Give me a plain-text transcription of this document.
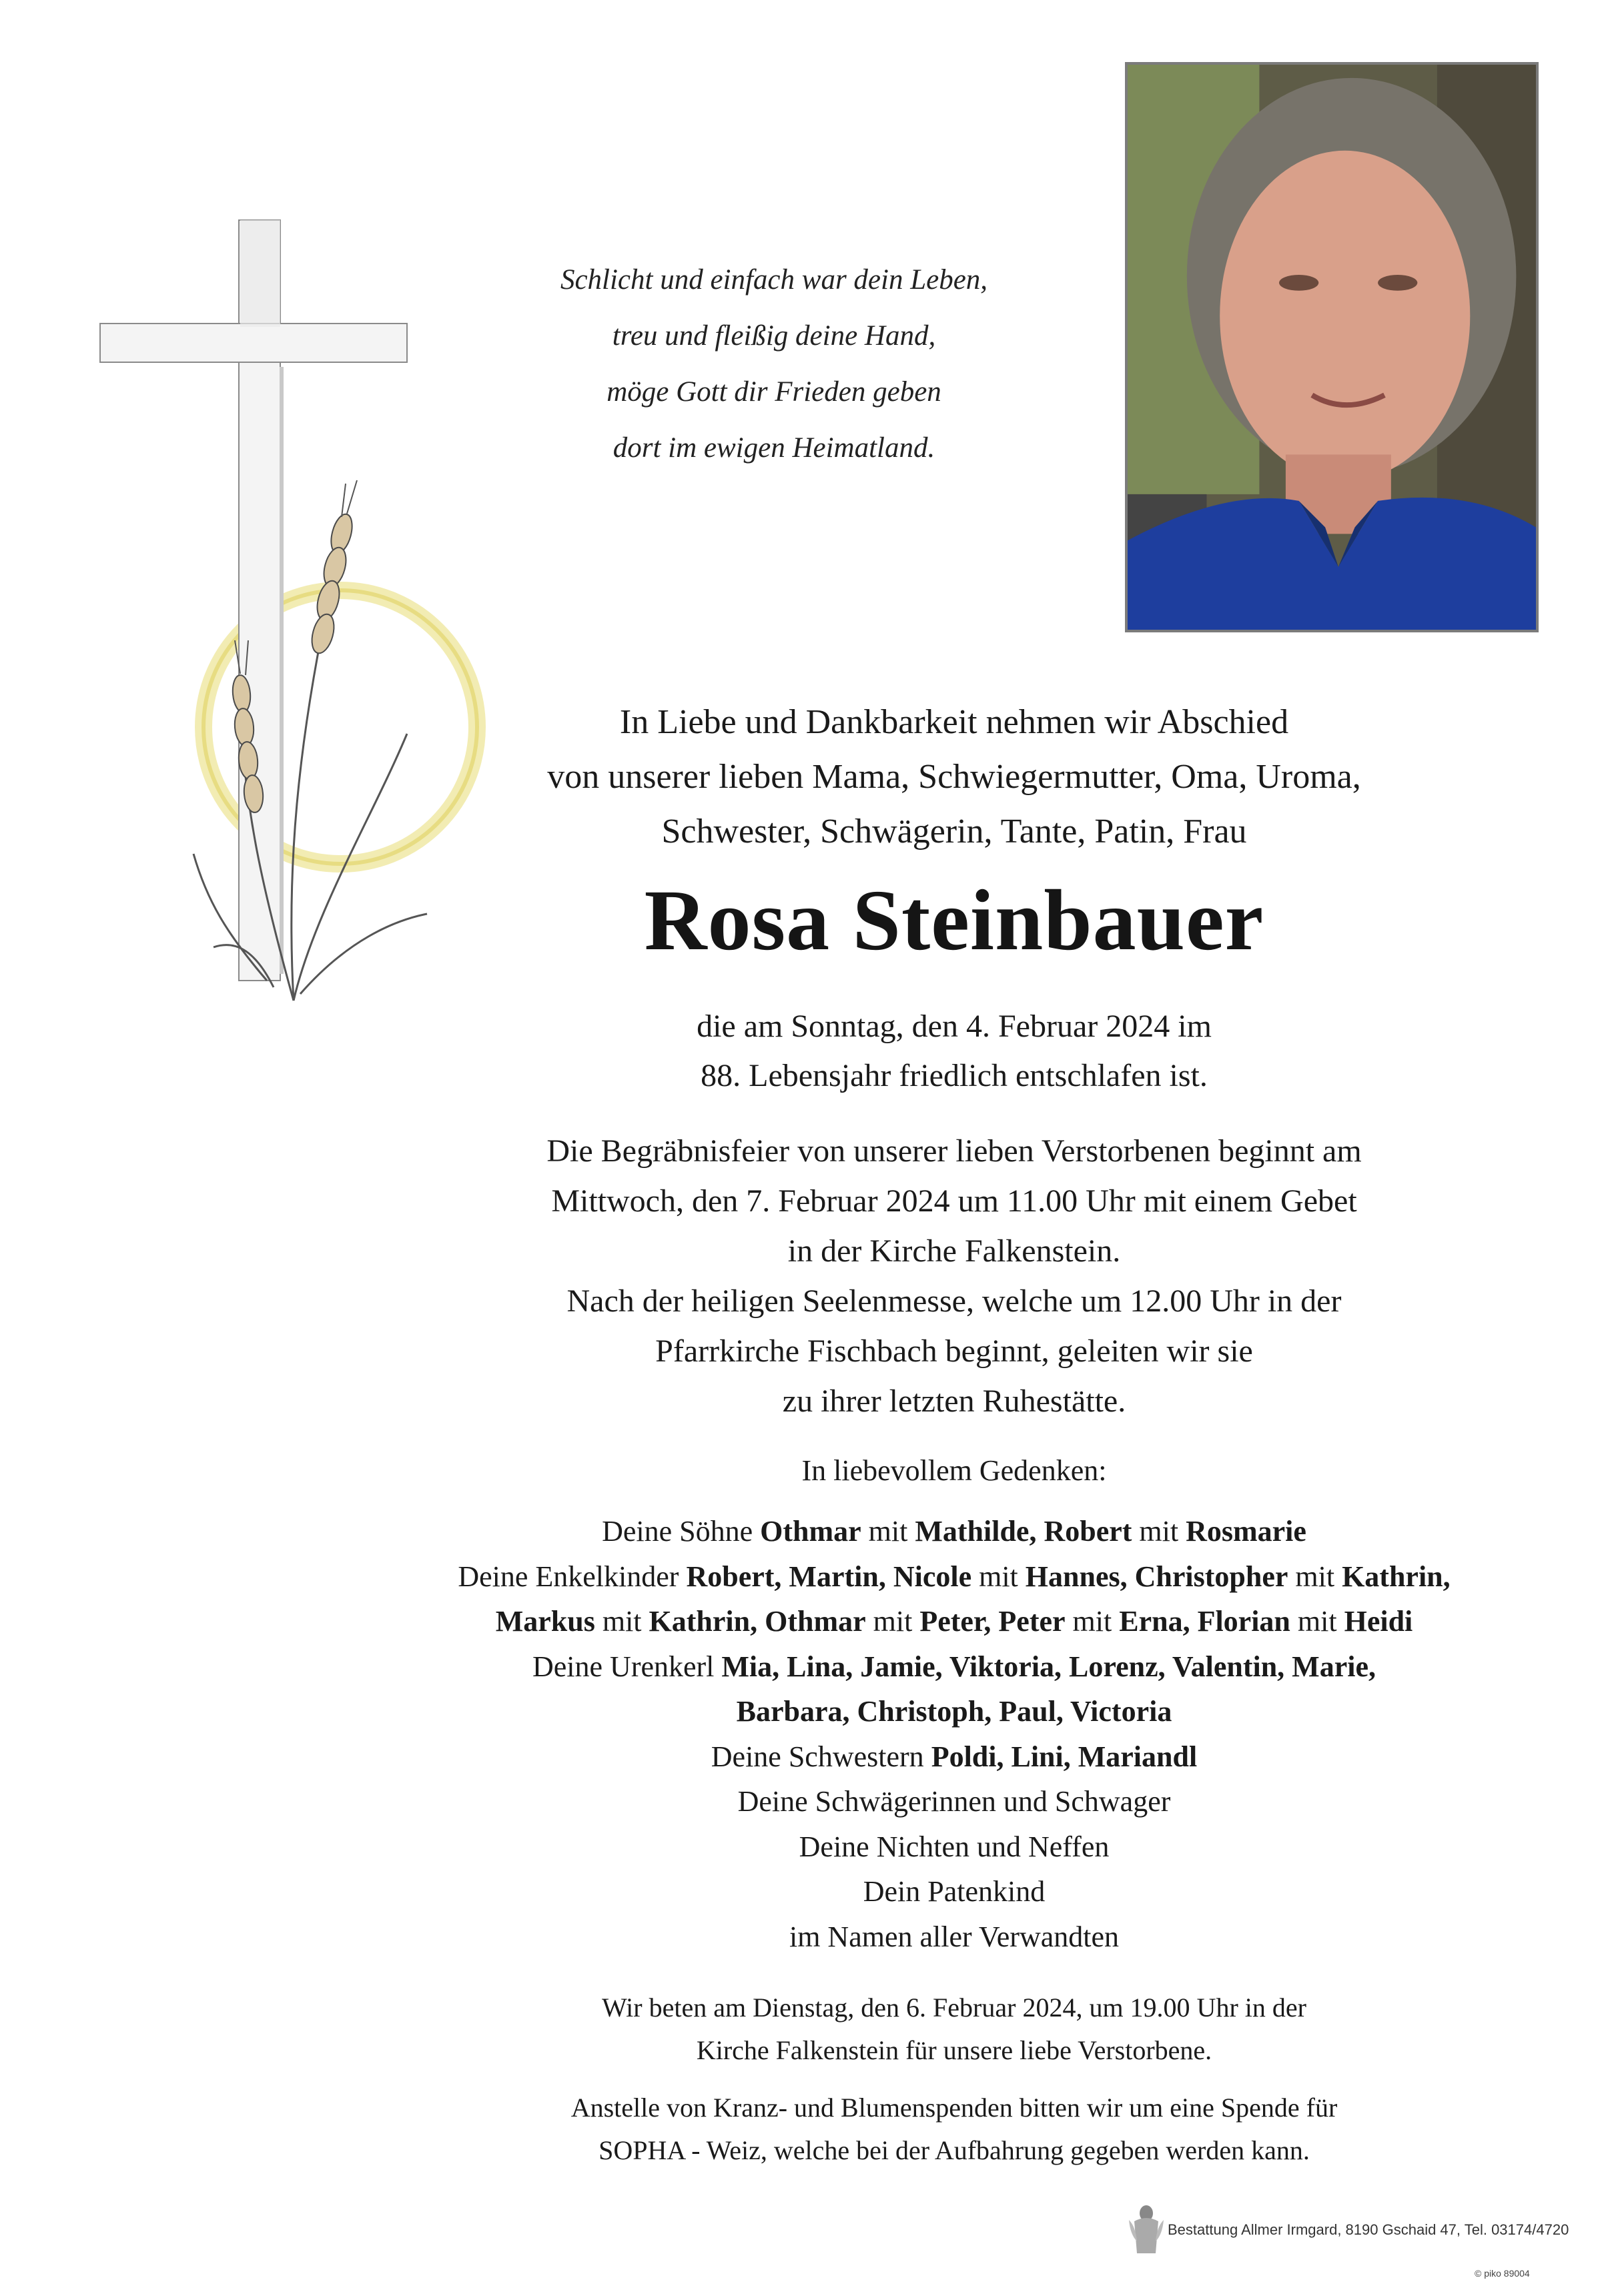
Schlicht und einfach war dein Leben,
treu und fleißig deine Hand,
möge Gott dir Frieden geben
dort im ewigen Heimatland.
In Liebe und Dankbarkeit nehmen wir Abschied
von unserer lieben Mama, Schwiegermutter, Oma, Uroma,
Schwester, Schwägerin, Tante, Patin, Frau
Rosa Steinbauer
die am Sonntag, den 4. Februar 2024 im
88. Lebensjahr friedlich entschlafen ist.
Die Begräbnisfeier von unserer lieben Verstorbenen beginnt am
Mittwoch, den 7. Februar 2024 um 11.00 Uhr mit einem Gebet
in der Kirche Falkenstein.
Nach der heiligen Seelenmesse, welche um 12.00 Uhr in der
Pfarrkirche Fischbach beginnt, geleiten wir sie
zu ihrer letzten Ruhestätte.
In liebevollem Gedenken:
Deine Söhne Othmar mit Mathilde, Robert mit Rosmarie
Deine Enkelkinder Robert, Martin, Nicole mit Hannes, Christopher mit Kathrin,
Markus mit Kathrin, Othmar mit Peter, Peter mit Erna, Florian mit Heidi
Deine Urenkerl Mia, Lina, Jamie, Viktoria, Lorenz, Valentin, Marie,
Barbara, Christoph, Paul, Victoria
Deine Schwestern Poldi, Lini, Mariandl
Deine Schwägerinnen und Schwager
Deine Nichten und Neffen
Dein Patenkind
im Namen aller Verwandten
Wir beten am Dienstag, den 6. Februar 2024, um 19.00 Uhr in der
Kirche Falkenstein für unsere liebe Verstorbene.
Anstelle von Kranz- und Blumenspenden bitten wir um eine Spende für
SOPHA - Weiz, welche bei der Aufbahrung gegeben werden kann.
Bestattung Allmer Irmgard, 8190 Gschaid 47, Tel. 03174/4720
© piko 89004
